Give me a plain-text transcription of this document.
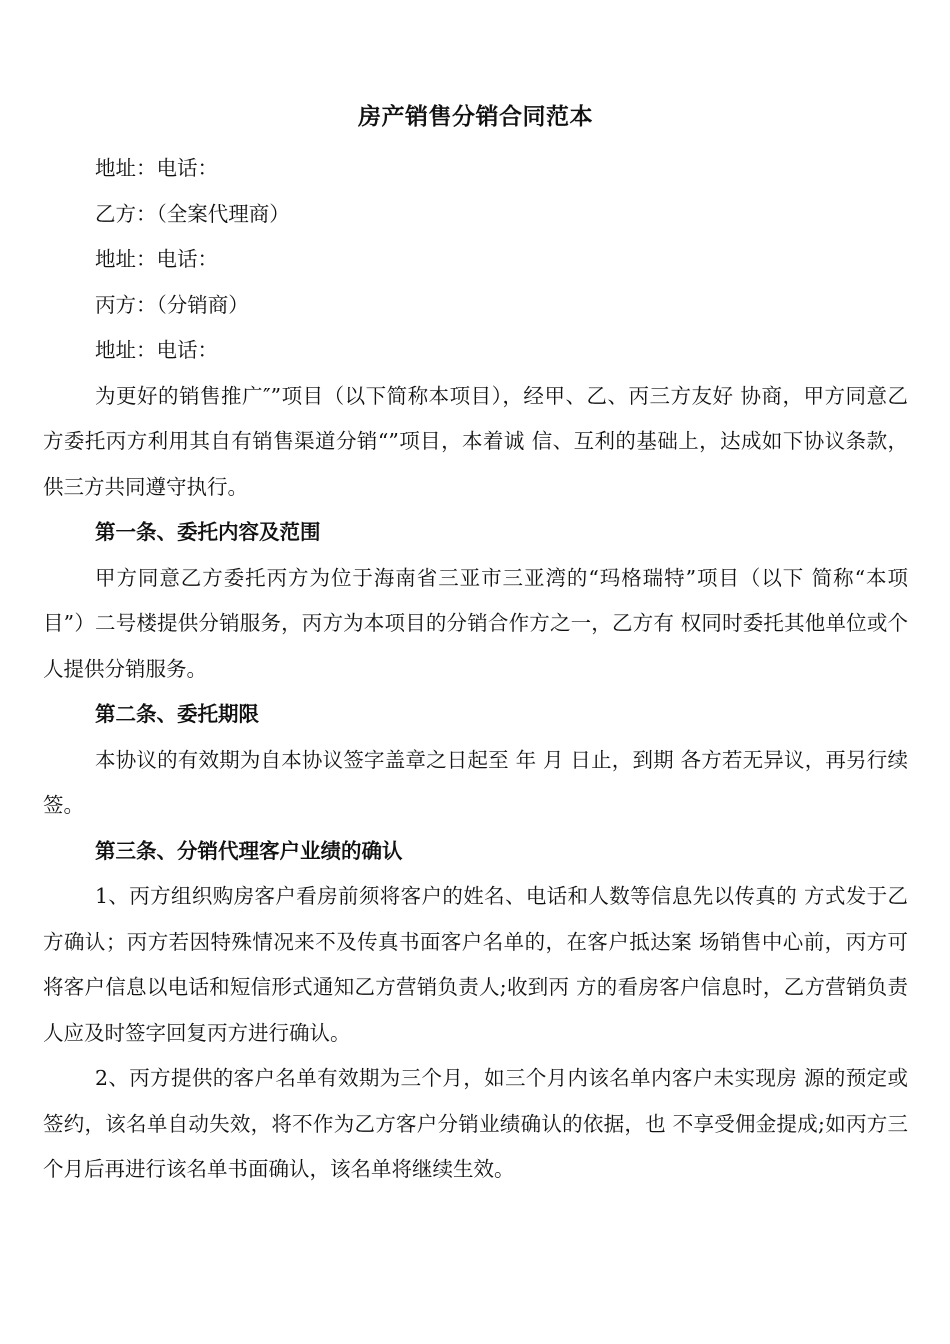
房产销售分销合同范本

地址：电话：

乙方：（全案代理商）

地址：电话：

丙方：（分销商）

地址：电话：

为更好的销售推广″”项目（以下简称本项目），经甲、乙、丙三方友好 协商，甲方同意乙方委托丙方利用其自有销售渠道分销“”项目，本着诚 信、互利的基础上，达成如下协议条款，供三方共同遵守执行。

第一条、委托内容及范围

甲方同意乙方委托丙方为位于海南省三亚市三亚湾的“玛格瑞特”项目（以下 简称“本项目”）二号楼提供分销服务，丙方为本项目的分销合作方之一，乙方有 权同时委托其他单位或个人提供分销服务。

第二条、委托期限

本协议的有效期为自本协议签字盖章之日起至 年 月 日止，到期 各方若无异议，再另行续签。

第三条、分销代理客户业绩的确认

1、丙方组织购房客户看房前须将客户的姓名、电话和人数等信息先以传真的 方式发于乙方确认；丙方若因特殊情况来不及传真书面客户名单的，在客户抵达案 场销售中心前，丙方可将客户信息以电话和短信形式通知乙方营销负责人;收到丙 方的看房客户信息时，乙方营销负责人应及时签字回复丙方进行确认。

2、丙方提供的客户名单有效期为三个月，如三个月内该名单内客户未实现房 源的预定或签约，该名单自动失效，将不作为乙方客户分销业绩确认的依据，也 不享受佣金提成;如丙方三个月后再进行该名单书面确认，该名单将继续生效。
